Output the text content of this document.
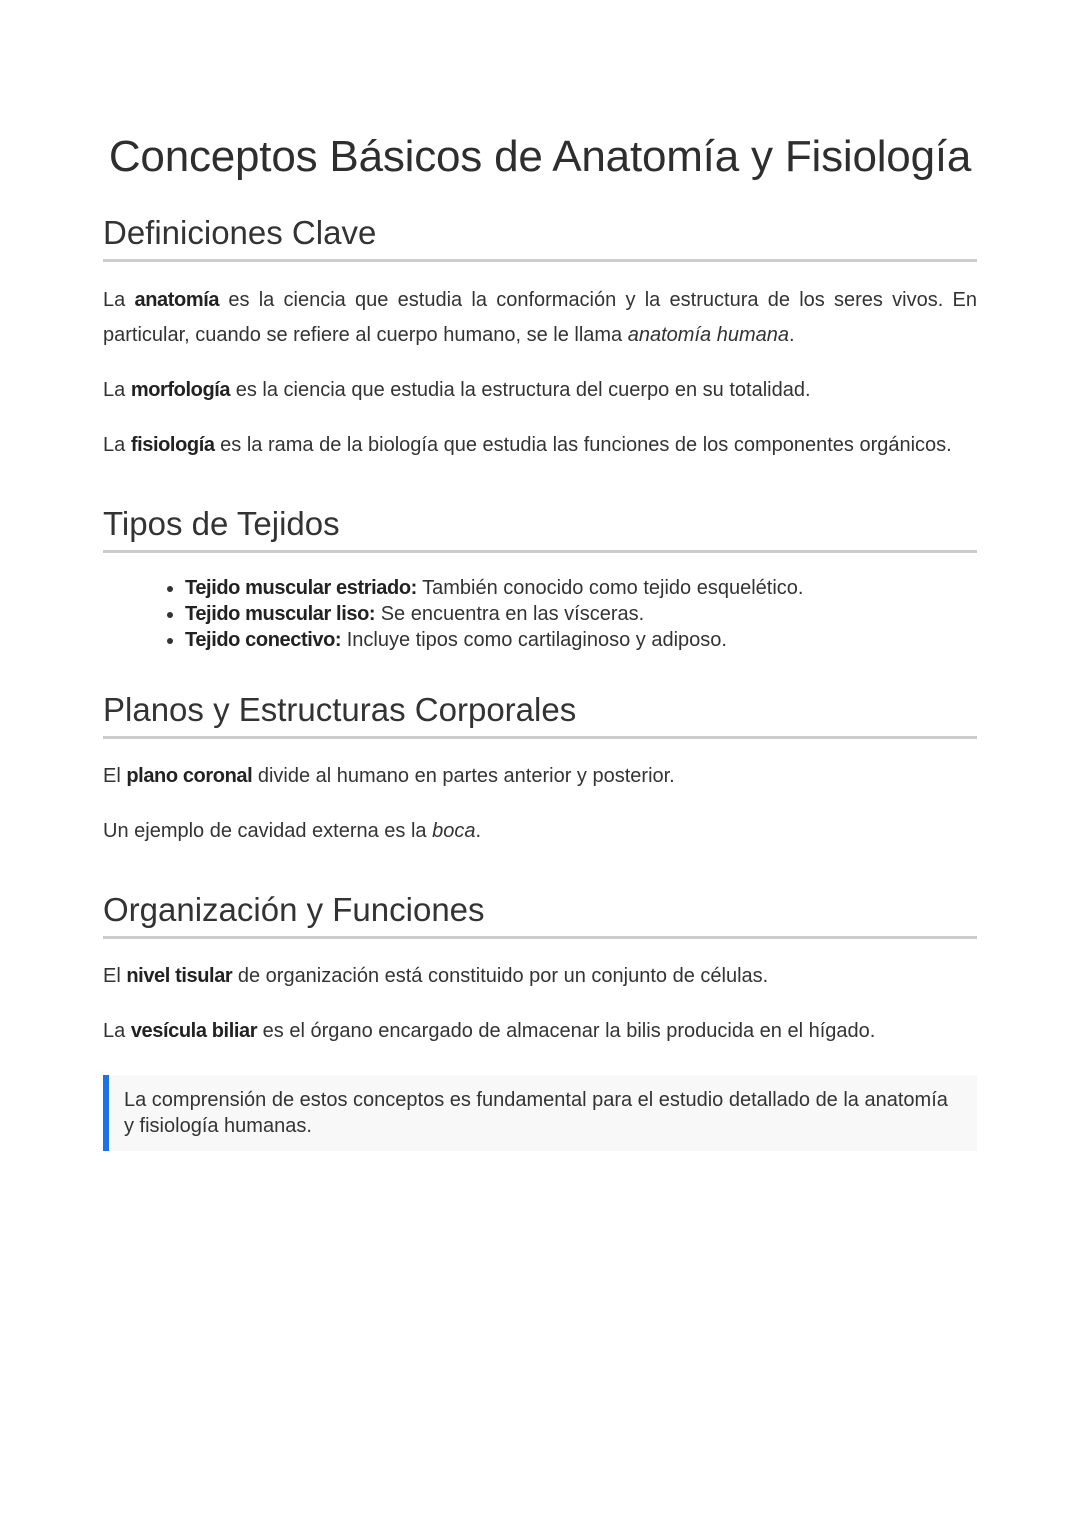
Conceptos Básicos de Anatomía y Fisiología
Definiciones Clave

La anatomía es la ciencia que estudia la conformación y la estructura de los seres vivos. En particular, cuando se refiere al cuerpo humano, se le llama anatomía humana.

La morfología es la ciencia que estudia la estructura del cuerpo en su totalidad.

La fisiología es la rama de la biología que estudia las funciones de los componentes orgánicos.

Tipos de Tejidos
• Tejido muscular estriado: También conocido como tejido esquelético.
• Tejido muscular liso: Se encuentra en las vísceras.
• Tejido conectivo: Incluye tipos como cartilaginoso y adiposo.
Planos y Estructuras Corporales

El plano coronal divide al humano en partes anterior y posterior.

Un ejemplo de cavidad externa es la boca.

Organización y Funciones

El nivel tisular de organización está constituido por un conjunto de células.

La vesícula biliar es el órgano encargado de almacenar la bilis producida en el hígado.

La comprensión de estos conceptos es fundamental para el estudio detallado de la anatomía y fisiología humanas.
